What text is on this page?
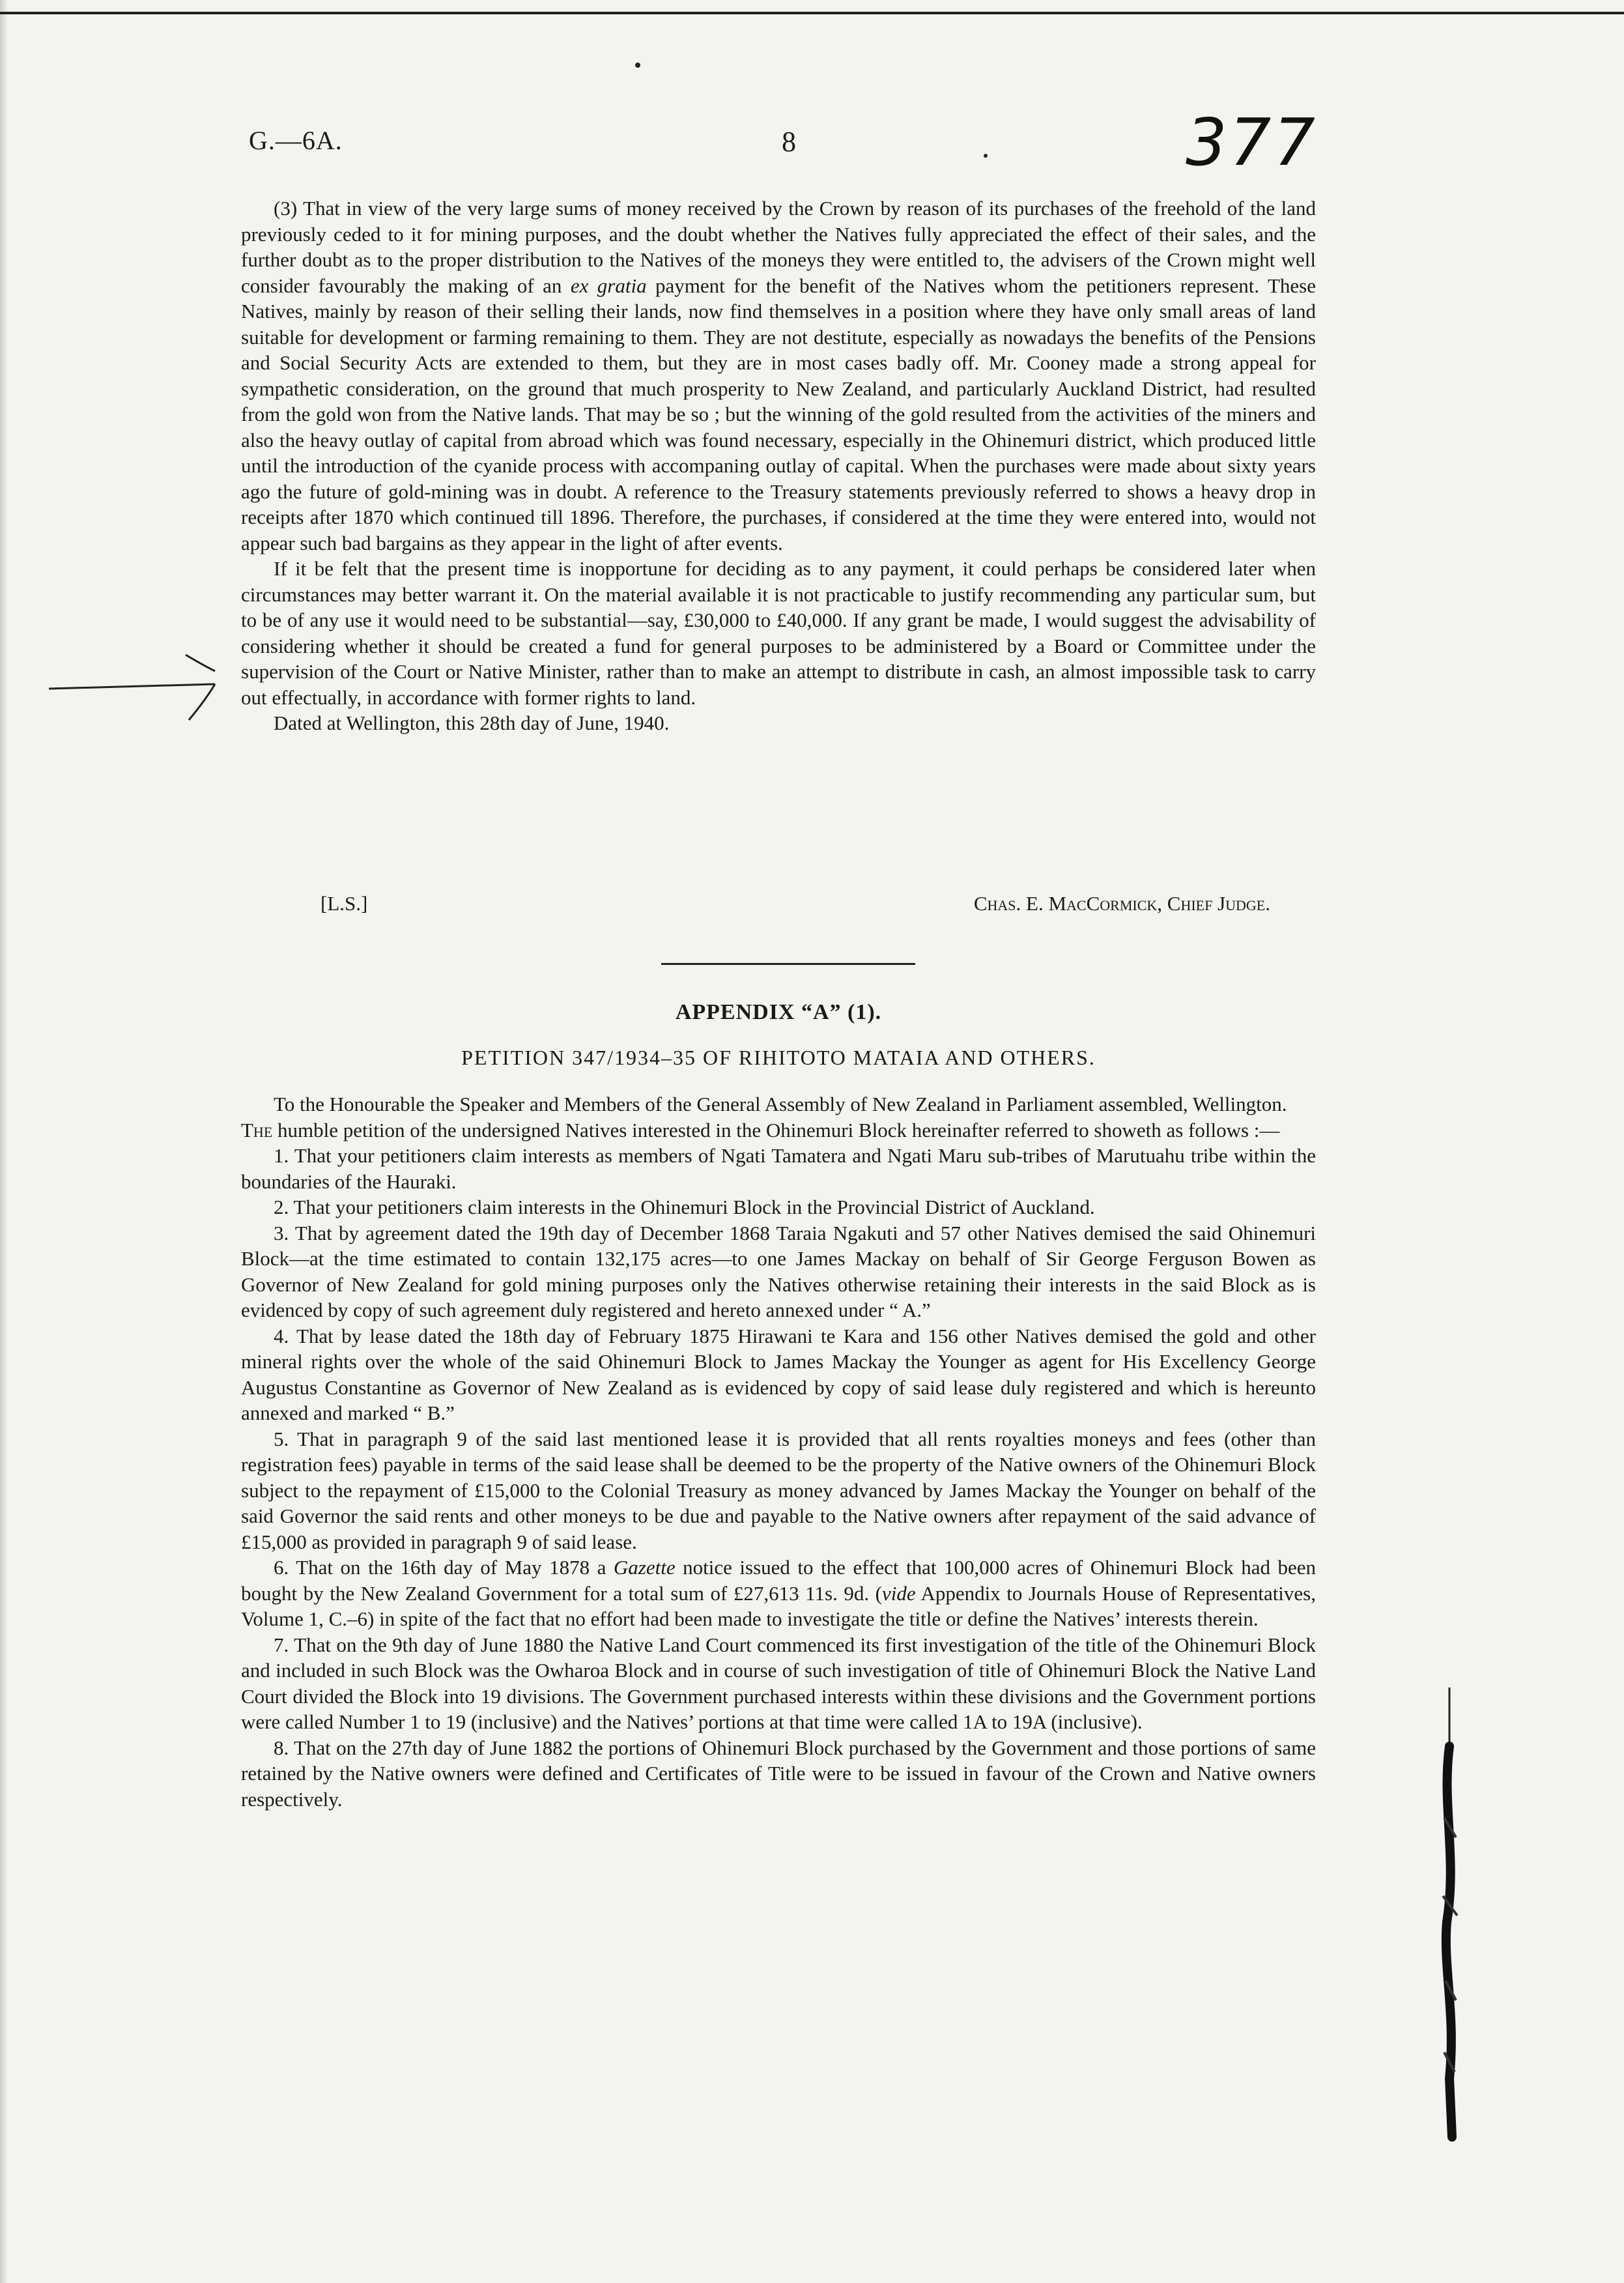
G.—6A.	8	377

(3) That in view of the very large sums of money received by the Crown by reason of its purchases of the freehold of the land previously ceded to it for mining purposes, and the doubt whether the Natives fully appreciated the effect of their sales, and the further doubt as to the proper distribution to the Natives of the moneys they were entitled to, the advisers of the Crown might well consider favourably the making of an ex gratia payment for the benefit of the Natives whom the petitioners represent. These Natives, mainly by reason of their selling their lands, now find themselves in a position where they have only small areas of land suitable for development or farming remaining to them. They are not destitute, especially as nowadays the benefits of the Pensions and Social Security Acts are extended to them, but they are in most cases badly off. Mr. Cooney made a strong appeal for sympathetic consideration, on the ground that much prosperity to New Zealand, and particularly Auckland District, had resulted from the gold won from the Native lands. That may be so ; but the winning of the gold resulted from the activities of the miners and also the heavy outlay of capital from abroad which was found necessary, especially in the Ohinemuri district, which produced little until the introduction of the cyanide process with accompaning outlay of capital. When the purchases were made about sixty years ago the future of gold-mining was in doubt. A reference to the Treasury statements previously referred to shows a heavy drop in receipts after 1870 which continued till 1896. Therefore, the purchases, if considered at the time they were entered into, would not appear such bad bargains as they appear in the light of after events.

If it be felt that the present time is inopportune for deciding as to any payment, it could perhaps be considered later when circumstances may better warrant it. On the material available it is not practicable to justify recommending any particular sum, but to be of any use it would need to be substantial—say, £30,000 to £40,000. If any grant be made, I would suggest the advisability of considering whether it should be created a fund for general purposes to be administered by a Board or Committee under the supervision of the Court or Native Minister, rather than to make an attempt to distribute in cash, an almost impossible task to carry out effectually, in accordance with former rights to land.

Dated at Wellington, this 28th day of June, 1940.

[L.S.]	Chas. E. MacCormick, Chief Judge.
APPENDIX “A” (1).
PETITION 347/1934–35 OF RIHITOTO MATAIA AND OTHERS.

To the Honourable the Speaker and Members of the General Assembly of New Zealand in Parliament assembled, Wellington.

The humble petition of the undersigned Natives interested in the Ohinemuri Block hereinafter referred to showeth as follows :—

1. That your petitioners claim interests as members of Ngati Tamatera and Ngati Maru sub-tribes of Marutuahu tribe within the boundaries of the Hauraki.

2. That your petitioners claim interests in the Ohinemuri Block in the Provincial District of Auckland.

3. That by agreement dated the 19th day of December 1868 Taraia Ngakuti and 57 other Natives demised the said Ohinemuri Block—at the time estimated to contain 132,175 acres—to one James Mackay on behalf of Sir George Ferguson Bowen as Governor of New Zealand for gold mining purposes only the Natives otherwise retaining their interests in the said Block as is evidenced by copy of such agreement duly registered and hereto annexed under “ A.”

4. That by lease dated the 18th day of February 1875 Hirawani te Kara and 156 other Natives demised the gold and other mineral rights over the whole of the said Ohinemuri Block to James Mackay the Younger as agent for His Excellency George Augustus Constantine as Governor of New Zealand as is evidenced by copy of said lease duly registered and which is hereunto annexed and marked “ B.”

5. That in paragraph 9 of the said last mentioned lease it is provided that all rents royalties moneys and fees (other than registration fees) payable in terms of the said lease shall be deemed to be the property of the Native owners of the Ohinemuri Block subject to the repayment of £15,000 to the Colonial Treasury as money advanced by James Mackay the Younger on behalf of the said Governor the said rents and other moneys to be due and payable to the Native owners after repayment of the said advance of £15,000 as provided in paragraph 9 of said lease.

6. That on the 16th day of May 1878 a Gazette notice issued to the effect that 100,000 acres of Ohinemuri Block had been bought by the New Zealand Government for a total sum of £27,613 11s. 9d. (vide Appendix to Journals House of Representatives, Volume 1, C.–6) in spite of the fact that no effort had been made to investigate the title or define the Natives’ interests therein.

7. That on the 9th day of June 1880 the Native Land Court commenced its first investigation of the title of the Ohinemuri Block and included in such Block was the Owharoa Block and in course of such investigation of title of Ohinemuri Block the Native Land Court divided the Block into 19 divisions. The Government purchased interests within these divisions and the Government portions were called Number 1 to 19 (inclusive) and the Natives’ portions at that time were called 1A to 19A (inclusive).

8. That on the 27th day of June 1882 the portions of Ohinemuri Block purchased by the Government and those portions of same retained by the Native owners were defined and Certificates of Title were to be issued in favour of the Crown and Native owners respectively.
